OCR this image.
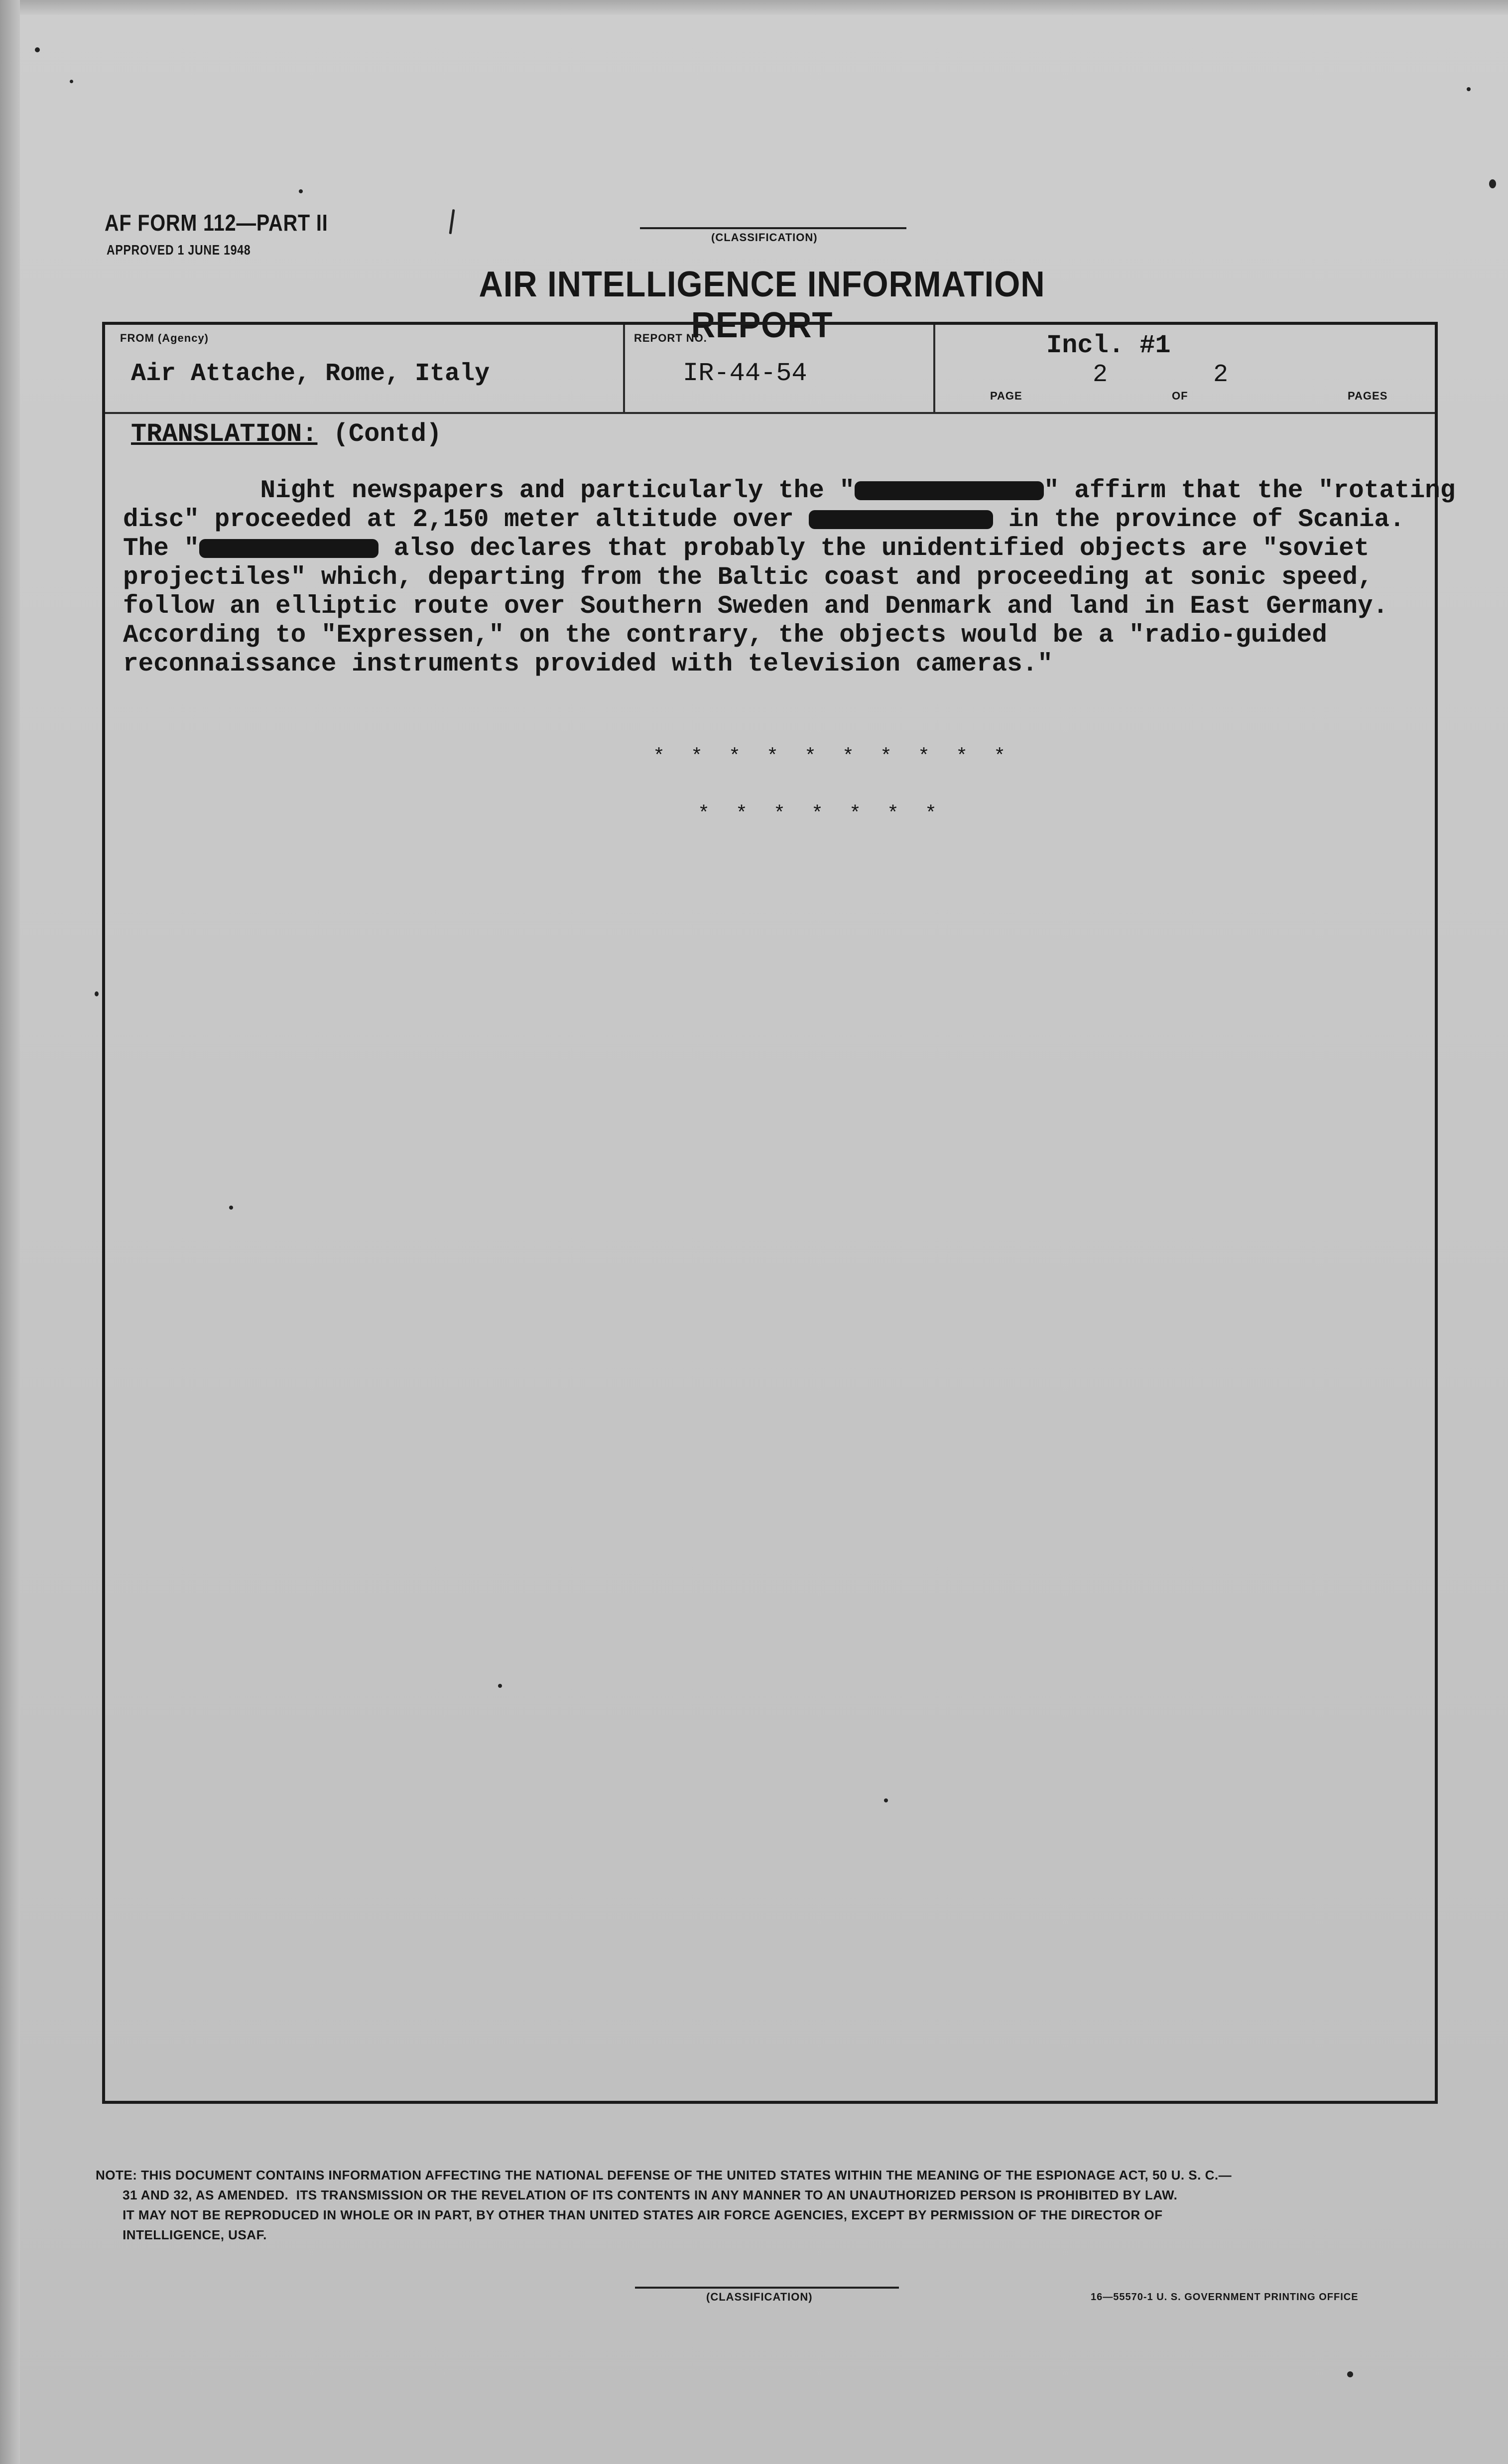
AF FORM 112—PART II
APPROVED 1 JUNE 1948
(CLASSIFICATION)
AIR INTELLIGENCE INFORMATION REPORT
FROM (Agency)
Air Attache, Rome, Italy
REPORT NO.
IR-44-54
Incl. #1
2	2
PAGE	OF	PAGES
TRANSLATION: (Contd)
Night newspapers and particularly the "	" affirm that the "rotating
disc" proceeded at 2,150 meter altitude over	in the province of Scania.
The "	also declares that probably the unidentified objects are "soviet
projectiles" which, departing from the Baltic coast and proceeding at sonic speed,
follow an elliptic route over Southern Sweden and Denmark and land in East Germany.
According to "Expressen," on the contrary, the objects would be a "radio-guided
reconnaissance instruments provided with television cameras."
* * * * * * * * * *
* * * * * * *
NOTE: THIS DOCUMENT CONTAINS INFORMATION AFFECTING THE NATIONAL DEFENSE OF THE UNITED STATES WITHIN THE MEANING OF THE ESPIONAGE ACT, 50 U. S. C.—
31 AND 32, AS AMENDED.  ITS TRANSMISSION OR THE REVELATION OF ITS CONTENTS IN ANY MANNER TO AN UNAUTHORIZED PERSON IS PROHIBITED BY LAW.
IT MAY NOT BE REPRODUCED IN WHOLE OR IN PART, BY OTHER THAN UNITED STATES AIR FORCE AGENCIES, EXCEPT BY PERMISSION OF THE DIRECTOR OF
INTELLIGENCE, USAF.
(CLASSIFICATION)	16—55570-1 U. S. GOVERNMENT PRINTING OFFICE
